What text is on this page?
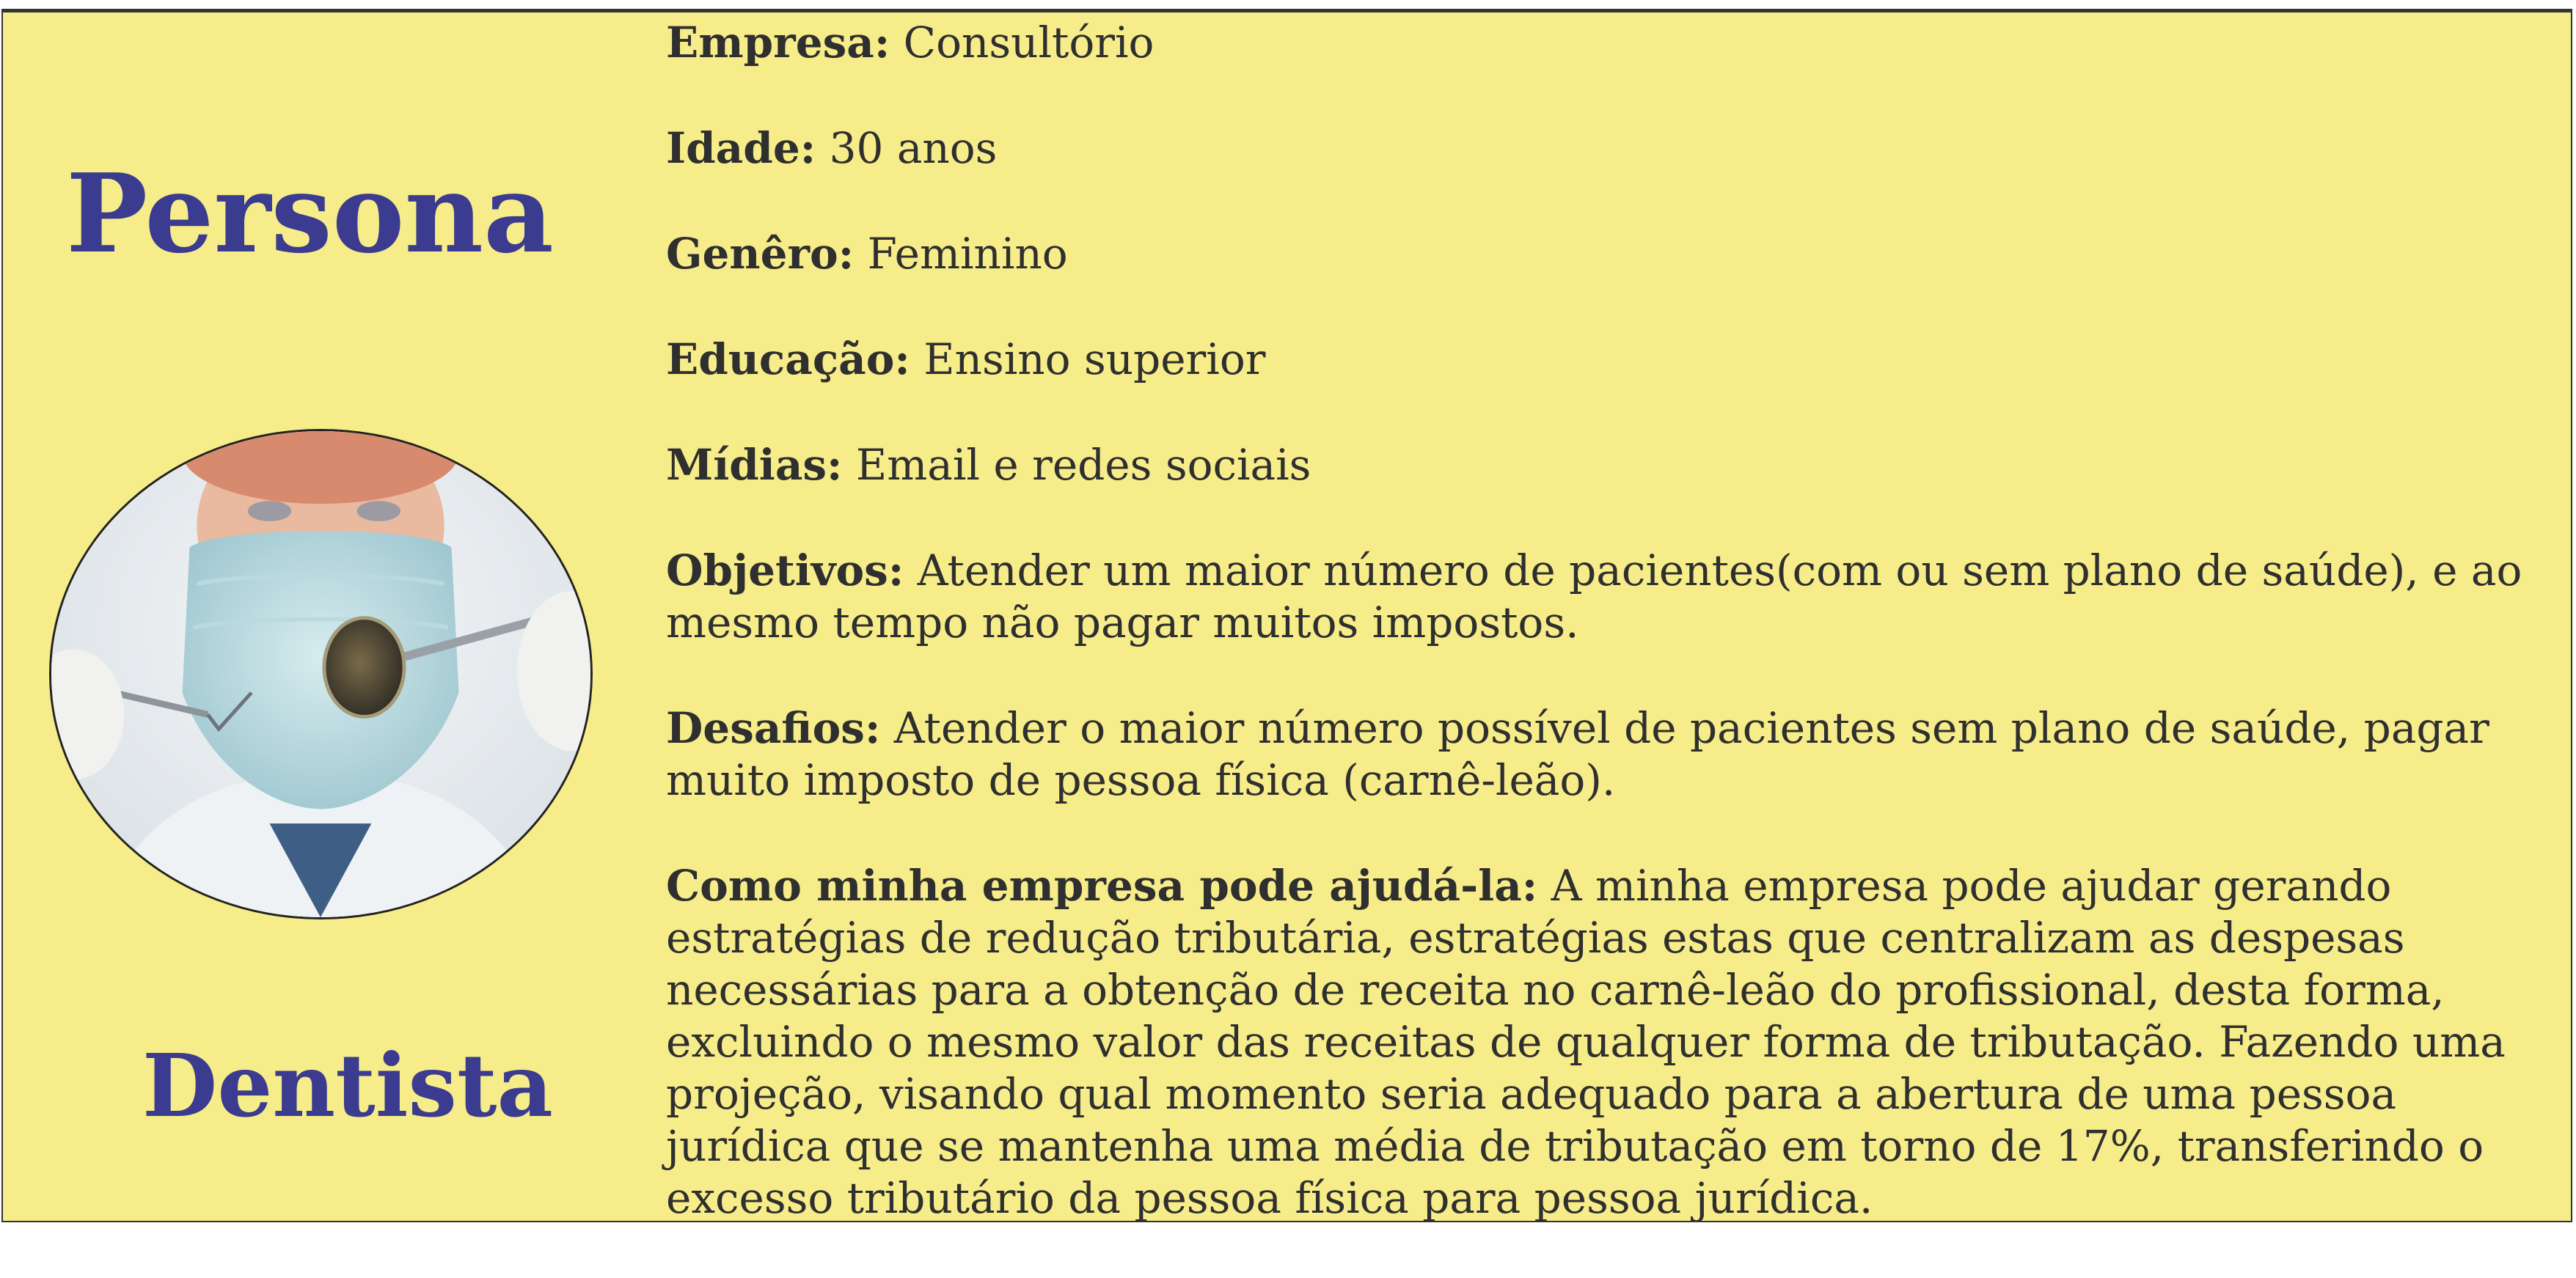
Persona
Dentista

Empresa: Consultório

Idade: 30 anos

Genêro: Feminino

Educação: Ensino superior

Mídias: Email e redes sociais

Objetivos: Atender um maior número de pacientes(com ou sem plano de saúde), e ao mesmo tempo não pagar muitos impostos.

Desafios: Atender o maior número possível de pacientes sem plano de saúde, pagar muito imposto de pessoa física (carnê-leão).

Como minha empresa pode ajudá-la: A minha empresa pode ajudar gerando estratégias de redução tributária, estratégias estas que centralizam as despesas necessárias para a obtenção de receita no carnê-leão do profissional, desta forma, excluindo o mesmo valor das receitas de qualquer forma de tributação. Fazendo uma projeção, visando qual momento seria adequado para a abertura de uma pessoa jurídica que se mantenha uma média de tributação em torno de 17%, transferindo o excesso tributário da pessoa física para pessoa jurídica.
